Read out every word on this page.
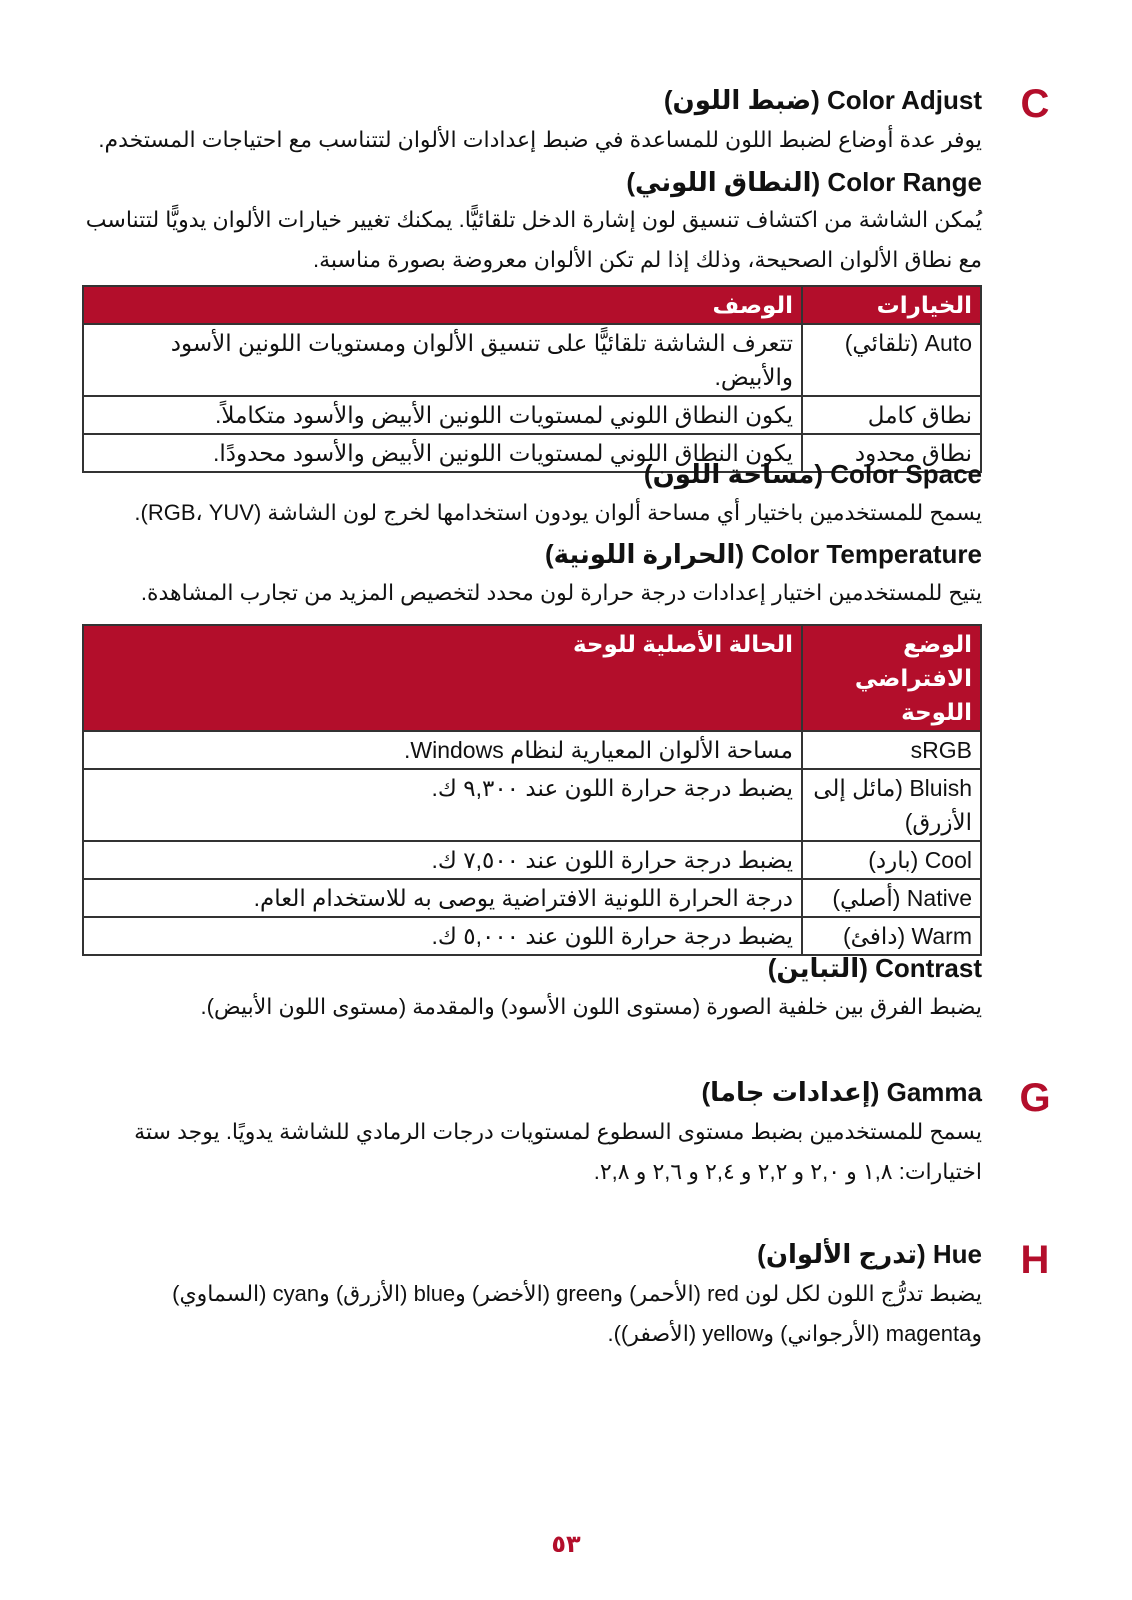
C
Color Adjust (ضبط اللون)
يوفر عدة أوضاع لضبط اللون للمساعدة في ضبط إعدادات الألوان لتتناسب مع احتياجات المستخدم.
Color Range (النطاق اللوني)
يُمكن الشاشة من اكتشاف تنسيق لون إشارة الدخل تلقائيًّا. يمكنك تغيير خيارات الألوان يدويًّا لتتناسب مع نطاق الألوان الصحيحة، وذلك إذا لم تكن الألوان معروضة بصورة مناسبة.
الخيارات	الوصف
Auto (تلقائي)	تتعرف الشاشة تلقائيًّا على تنسيق الألوان ومستويات اللونين الأسود والأبيض.
نطاق كامل	يكون النطاق اللوني لمستويات اللونين الأبيض والأسود متكاملاً.
نطاق محدود	يكون النطاق اللوني لمستويات اللونين الأبيض والأسود محدودًا.
Color Space (مساحة اللون)
يسمح للمستخدمين باختيار أي مساحة ألوان يودون استخدامها لخرج لون الشاشة (RGB، YUV).
Color Temperature (الحرارة اللونية)
يتيح للمستخدمين اختيار إعدادات درجة حرارة لون محدد لتخصيص المزيد من تجارب المشاهدة.
الوضع الافتراضي اللوحة	الحالة الأصلية للوحة
sRGB	مساحة الألوان المعيارية لنظام Windows.
Bluish (مائل إلى الأزرق)	يضبط درجة حرارة اللون عند ٩,٣٠٠ ك.
Cool (بارد)	يضبط درجة حرارة اللون عند ٧,٥٠٠ ك.
Native (أصلي)	درجة الحرارة اللونية الافتراضية يوصى به للاستخدام العام.
Warm (دافئ)	يضبط درجة حرارة اللون عند ٥,٠٠٠ ك.
Contrast (التباين)
يضبط الفرق بين خلفية الصورة (مستوى اللون الأسود) والمقدمة (مستوى اللون الأبيض).
G
Gamma (إعدادات جاما)
يسمح للمستخدمين بضبط مستوى السطوع لمستويات درجات الرمادي للشاشة يدويًا. يوجد ستة اختيارات: ١,٨ و ٢,٠ و ٢,٢ و ٢,٤ و ٢,٦ و ٢,٨.
H
Hue (تدرج الألوان)
يضبط تدرُّج اللون لكل لون red (الأحمر) وgreen (الأخضر) وblue (الأزرق) وcyan (السماوي) وmagenta (الأرجواني) وyellow (الأصفر)).
٥٣
